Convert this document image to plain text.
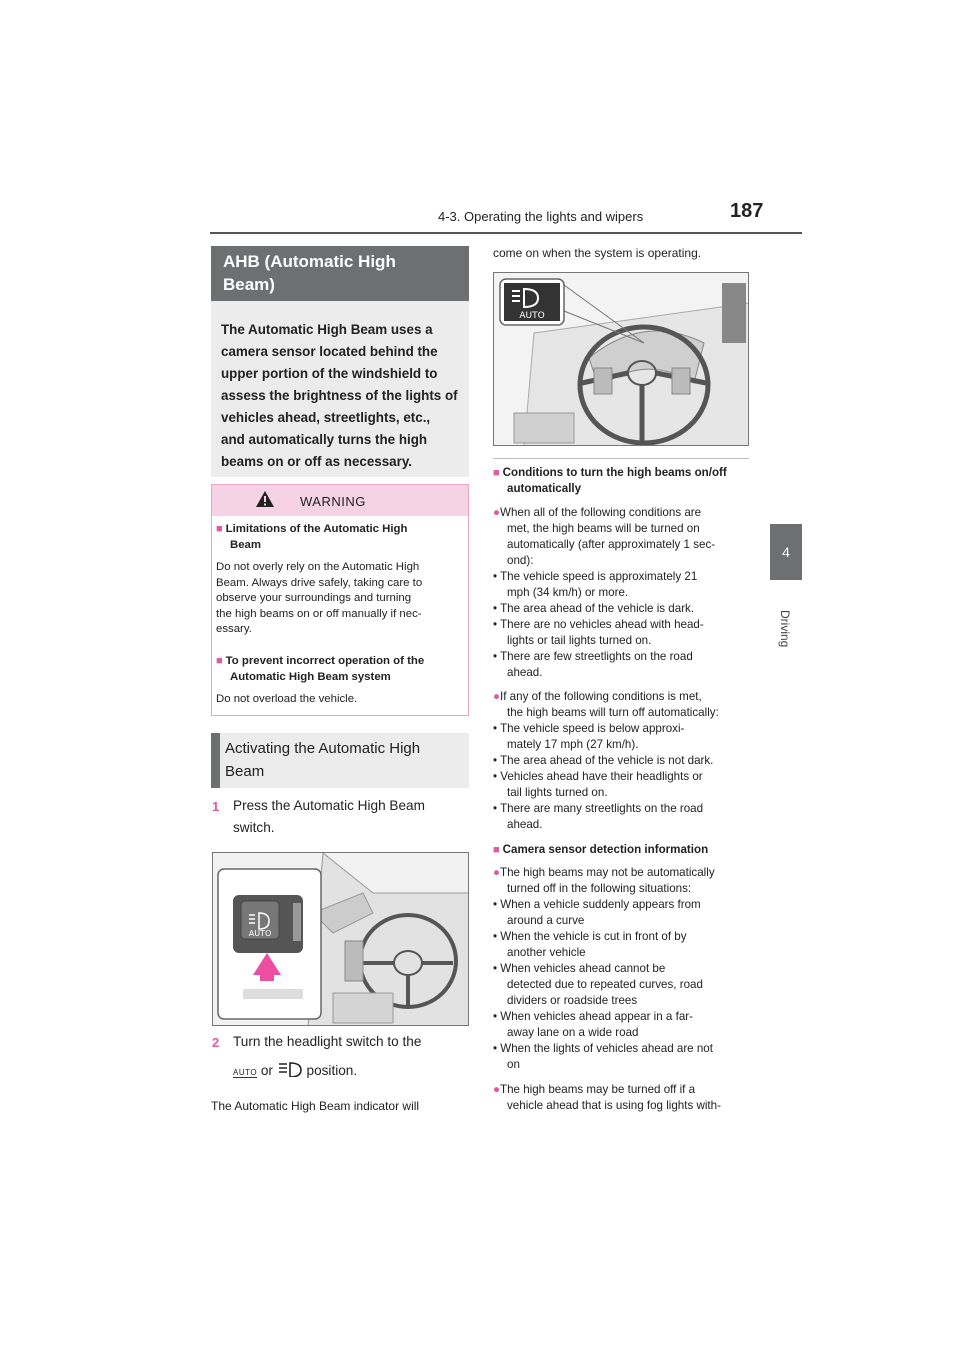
4-3. Operating the lights and wipers	187
4
Driving
AHB (Automatic High
Beam)
The Automatic High Beam uses a
camera sensor located behind the
upper portion of the windshield to
assess the brightness of the lights of
vehicles ahead, streetlights, etc.,
and automatically turns the high
beams on or off as necessary.
WARNING
■ Limitations of the Automatic High
Beam
Do not overly rely on the Automatic High
Beam. Always drive safely, taking care to
observe your surroundings and turning
the high beams on or off manually if nec-
essary.
■ To prevent incorrect operation of the
Automatic High Beam system
Do not overload the vehicle.
Activating the Automatic High
Beam
1 Press the Automatic High Beam
switch.
AUTO
2 Turn the headlight switch to the
AUTO or position.
The Automatic High Beam indicator will
come on when the system is operating.
AUTO
■ Conditions to turn the high beams on/off
automatically
●When all of the following conditions are
met, the high beams will be turned on
automatically (after approximately 1 sec-
ond):
• The vehicle speed is approximately 21
mph (34 km/h) or more.
• The area ahead of the vehicle is dark.
• There are no vehicles ahead with head-
lights or tail lights turned on.
• There are few streetlights on the road
ahead.
●If any of the following conditions is met,
the high beams will turn off automatically:
• The vehicle speed is below approxi-
mately 17 mph (27 km/h).
• The area ahead of the vehicle is not dark.
• Vehicles ahead have their headlights or
tail lights turned on.
• There are many streetlights on the road
ahead.
■ Camera sensor detection information
●The high beams may not be automatically
turned off in the following situations:
• When a vehicle suddenly appears from
around a curve
• When the vehicle is cut in front of by
another vehicle
• When vehicles ahead cannot be
detected due to repeated curves, road
dividers or roadside trees
• When vehicles ahead appear in a far-
away lane on a wide road
• When the lights of vehicles ahead are not
on
●The high beams may be turned off if a
vehicle ahead that is using fog lights with-
